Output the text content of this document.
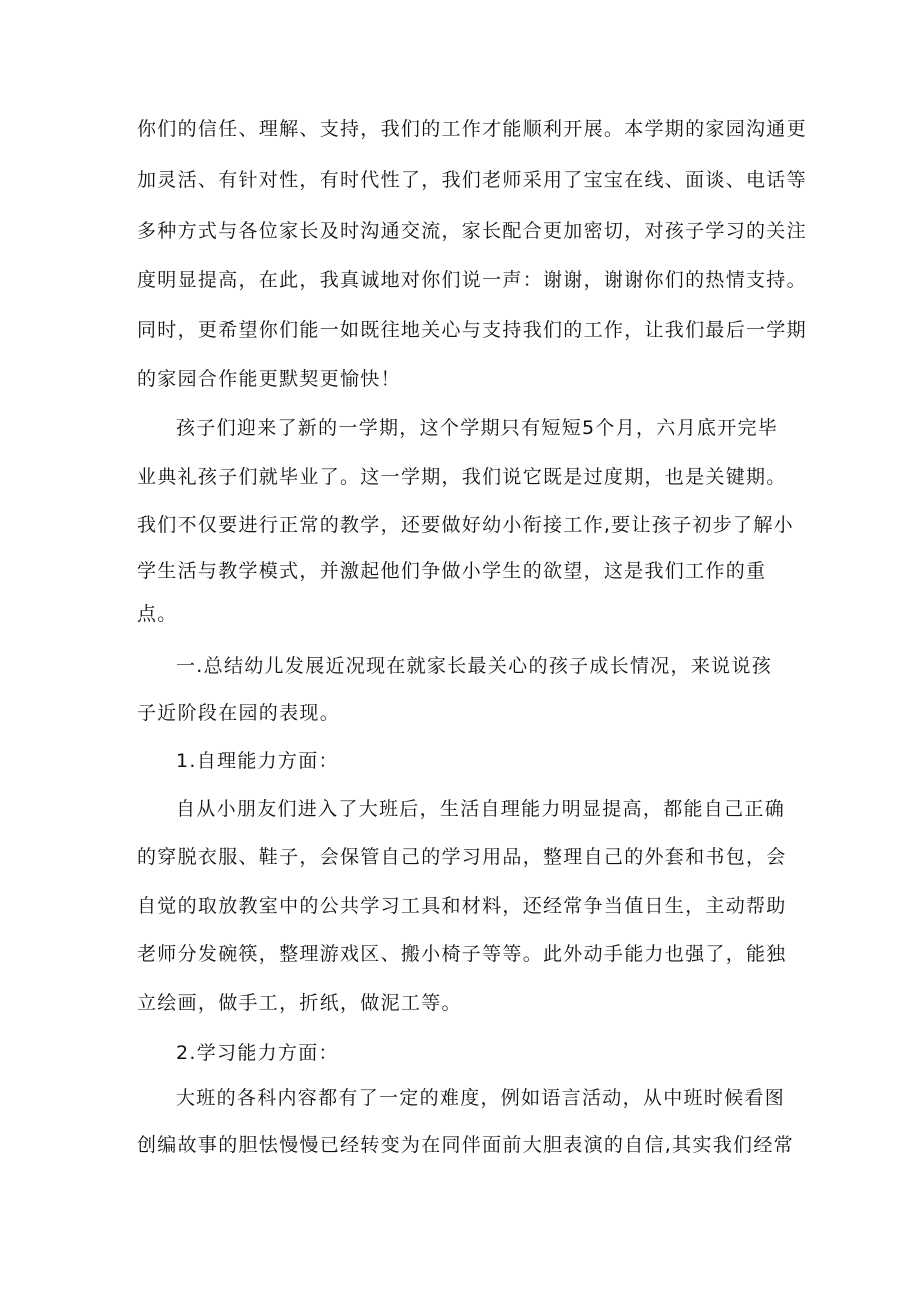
你们的信任、理解、支持，我们的工作才能顺利开展。本学期的家园沟通更
加灵活、有针对性，有时代性了，我们老师采用了宝宝在线、面谈、电话等
多种方式与各位家长及时沟通交流，家长配合更加密切，对孩子学习的关注
度明显提高，在此，我真诚地对你们说一声：谢谢，谢谢你们的热情支持。
同时，更希望你们能一如既往地关心与支持我们的工作，让我们最后一学期
的家园合作能更默契更愉快！
孩子们迎来了新的一学期，这个学期只有短短5个月，六月底开完毕
业典礼孩子们就毕业了。这一学期，我们说它既是过度期，也是关键期。
我们不仅要进行正常的教学，还要做好幼小衔接工作,要让孩子初步了解小
学生活与教学模式，并激起他们争做小学生的欲望，这是我们工作的重
点。
一.总结幼儿发展近况现在就家长最关心的孩子成长情况，来说说孩
子近阶段在园的表现。
1.自理能力方面：
自从小朋友们进入了大班后，生活自理能力明显提高，都能自己正确
的穿脱衣服、鞋子，会保管自己的学习用品，整理自己的外套和书包，会
自觉的取放教室中的公共学习工具和材料，还经常争当值日生，主动帮助
老师分发碗筷，整理游戏区、搬小椅子等等。此外动手能力也强了，能独
立绘画，做手工，折纸，做泥工等。
2.学习能力方面：
大班的各科内容都有了一定的难度，例如语言活动，从中班时候看图
创编故事的胆怯慢慢已经转变为在同伴面前大胆表演的自信,其实我们经常
